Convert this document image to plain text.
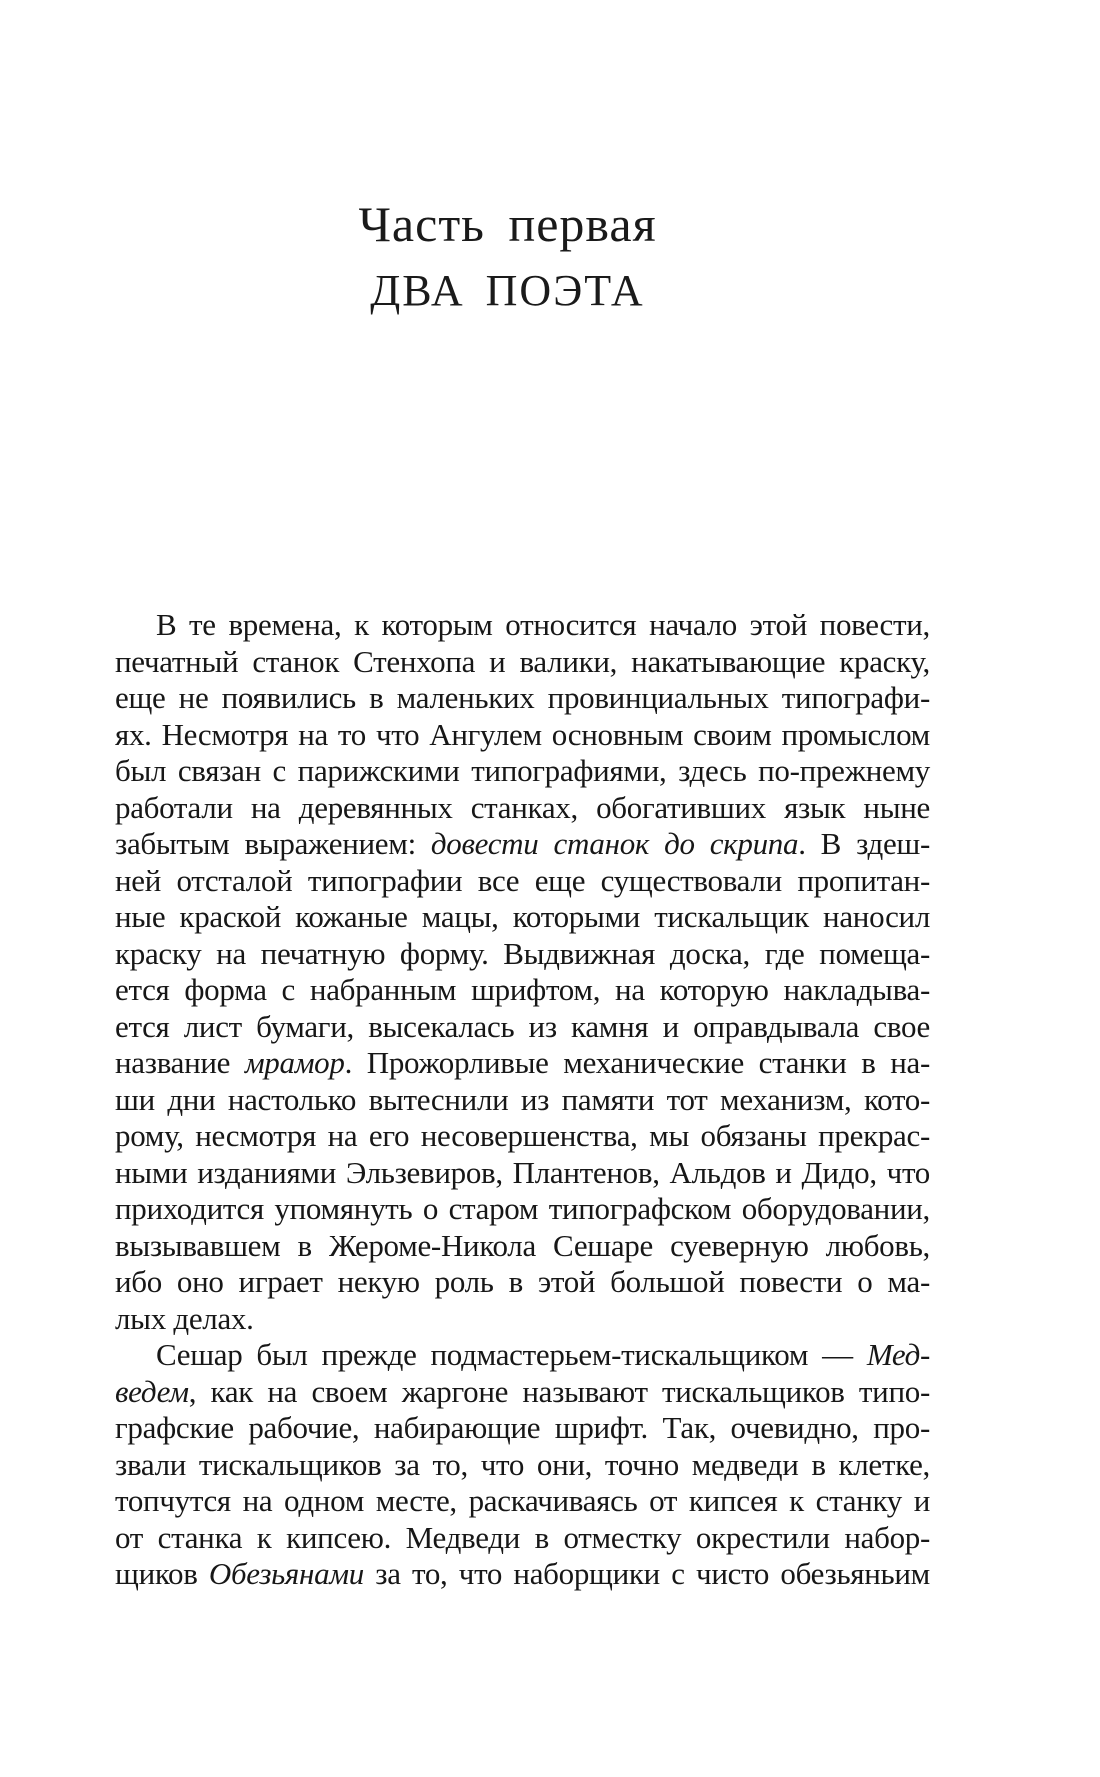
Часть первая
ДВА ПОЭТА
В те времена, к которым относится начало этой повести,
печатный станок Стенхопа и валики, накатывающие краску,
еще не появились в маленьких провинциальных типографи-
ях. Несмотря на то что Ангулем основным своим промыслом
был связан с парижскими типографиями, здесь по-прежнему
работали на деревянных станках, обогативших язык ныне
забытым выражением: довести станок до скрипа. В здеш-
ней отсталой типографии все еще существовали пропитан-
ные краской кожаные мацы, которыми тискальщик наносил
краску на печатную форму. Выдвижная доска, где помеща-
ется форма с набранным шрифтом, на которую накладыва-
ется лист бумаги, высекалась из камня и оправдывала свое
название мрамор. Прожорливые механические станки в на-
ши дни настолько вытеснили из памяти тот механизм, кото-
рому, несмотря на его несовершенства, мы обязаны прекрас-
ными изданиями Эльзевиров, Плантенов, Альдов и Дидо, что
приходится упомянуть о старом типографском оборудовании,
вызывавшем в Жероме-Никола Сешаре суеверную любовь,
ибо оно играет некую роль в этой большой повести о ма-
лых делах.
Сешар был прежде подмастерьем-тискальщиком — Мед-
ведем, как на своем жаргоне называют тискальщиков типо-
графские рабочие, набирающие шрифт. Так, очевидно, про-
звали тискальщиков за то, что они, точно медведи в клетке,
топчутся на одном месте, раскачиваясь от кипсея к станку и
от станка к кипсею. Медведи в отместку окрестили набор-
щиков Обезьянами за то, что наборщики с чисто обезьяньим
